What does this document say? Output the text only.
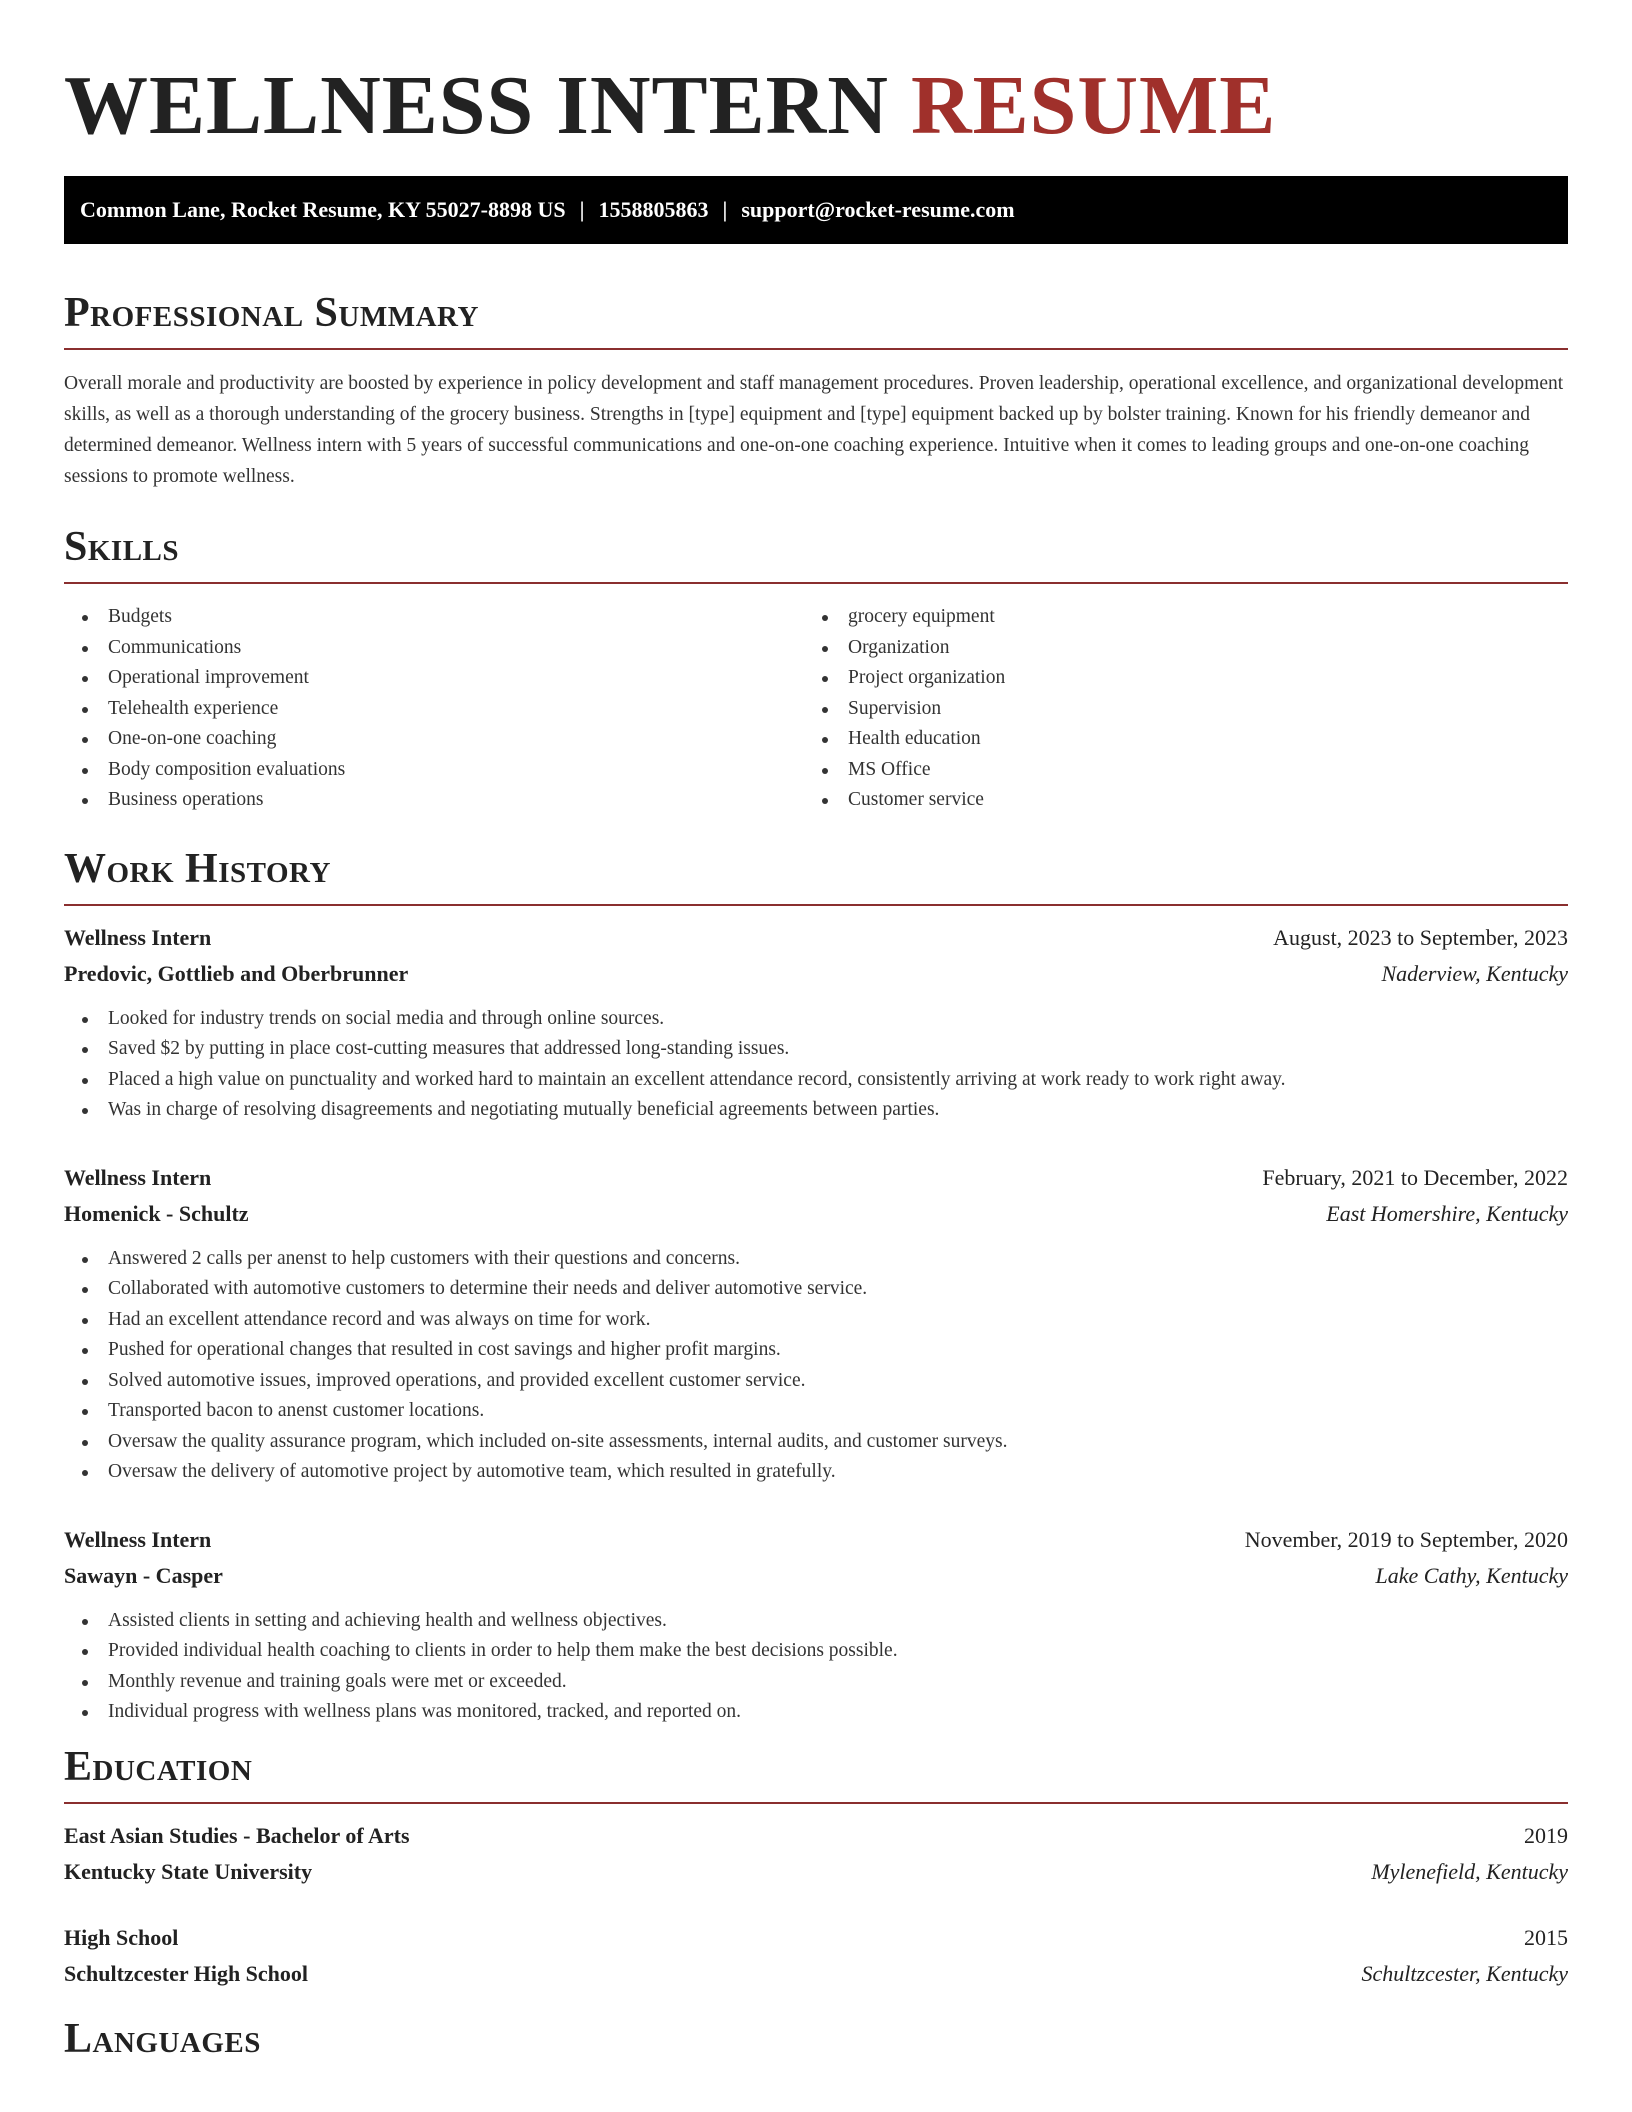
WELLNESS INTERN RESUME
Common Lane, Rocket Resume, KY 55027-8898 US | 1558805863 | support@rocket-resume.com
Professional Summary

Overall morale and productivity are boosted by experience in policy development and staff management procedures. Proven leadership, operational excellence, and organizational development skills, as well as a thorough understanding of the grocery business. Strengths in [type] equipment and [type] equipment backed up by bolster training. Known for his friendly demeanor and determined demeanor. Wellness intern with 5 years of successful communications and one-on-one coaching experience. Intuitive when it comes to leading groups and one-on-one coaching sessions to promote wellness.

Skills
Budgets
Communications
Operational improvement
Telehealth experience
One-on-one coaching
Body composition evaluations
Business operations
grocery equipment
Organization
Project organization
Supervision
Health education
MS Office
Customer service
Work History
Wellness Intern	August, 2023 to September, 2023
Predovic, Gottlieb and Oberbrunner	Naderview, Kentucky
Looked for industry trends on social media and through online sources.
Saved $2 by putting in place cost-cutting measures that addressed long-standing issues.
Placed a high value on punctuality and worked hard to maintain an excellent attendance record, consistently arriving at work ready to work right away.
Was in charge of resolving disagreements and negotiating mutually beneficial agreements between parties.
Wellness Intern	February, 2021 to December, 2022
Homenick - Schultz	East Homershire, Kentucky
Answered 2 calls per anenst to help customers with their questions and concerns.
Collaborated with automotive customers to determine their needs and deliver automotive service.
Had an excellent attendance record and was always on time for work.
Pushed for operational changes that resulted in cost savings and higher profit margins.
Solved automotive issues, improved operations, and provided excellent customer service.
Transported bacon to anenst customer locations.
Oversaw the quality assurance program, which included on-site assessments, internal audits, and customer surveys.
Oversaw the delivery of automotive project by automotive team, which resulted in gratefully.
Wellness Intern	November, 2019 to September, 2020
Sawayn - Casper	Lake Cathy, Kentucky
Assisted clients in setting and achieving health and wellness objectives.
Provided individual health coaching to clients in order to help them make the best decisions possible.
Monthly revenue and training goals were met or exceeded.
Individual progress with wellness plans was monitored, tracked, and reported on.
Education
East Asian Studies - Bachelor of Arts	2019
Kentucky State University	Mylenefield, Kentucky
High School	2015
Schultzcester High School	Schultzcester, Kentucky
Languages
